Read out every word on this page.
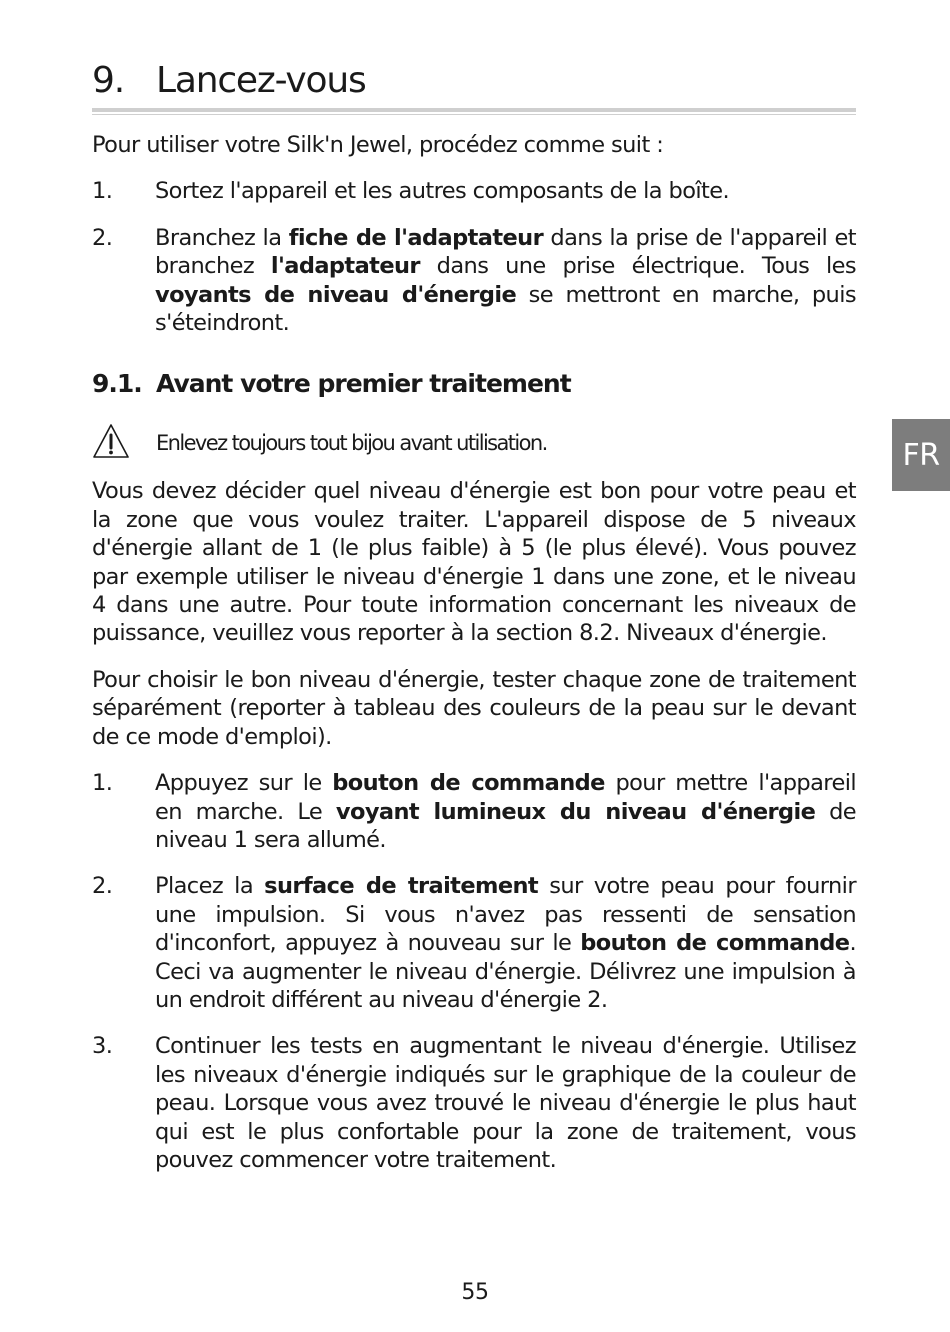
9. Lancez-vous

Pour utiliser votre Silk'n Jewel, procédez comme suit :

1.	Sortez l'appareil et les autres composants de la boîte.
2.	Branchez la fiche de l'adaptateur dans la prise de l'appareil et branchez l'adaptateur dans une prise électrique. Tous les voyants de niveau d'énergie se mettront en marche, puis s'éteindront.
9.1. Avant votre premier traitement
Enlevez toujours tout bijou avant utilisation.

Vous devez décider quel niveau d'énergie est bon pour votre peau et la zone que vous voulez traiter. L'appareil dispose de 5 niveaux d'énergie allant de 1 (le plus faible) à 5 (le plus élevé). Vous pouvez par exemple utiliser le niveau d'énergie 1 dans une zone, et le niveau 4 dans une autre. Pour toute information concernant les niveaux de puissance, veuillez vous reporter à la section 8.2. Niveaux d'énergie.

Pour choisir le bon niveau d'énergie, tester chaque zone de traitement séparément (reporter à tableau des couleurs de la peau sur le devant de ce mode d'emploi).

1.	Appuyez sur le bouton de commande pour mettre l'appareil en marche. Le voyant lumineux du niveau d'énergie de niveau 1 sera allumé.
2.	Placez la surface de traitement sur votre peau pour fournir une impulsion. Si vous n'avez pas ressenti de sensation d'inconfort, appuyez à nouveau sur le bouton de commande. Ceci va augmenter le niveau d'énergie. Délivrez une impulsion à un endroit différent au niveau d'énergie 2.
3.	Continuer les tests en augmentant le niveau d'énergie. Utilisez les niveaux d'énergie indiqués sur le graphique de la couleur de peau. Lorsque vous avez trouvé le niveau d'énergie le plus haut qui est le plus confortable pour la zone de traitement, vous pouvez commencer votre traitement.
FR
55
